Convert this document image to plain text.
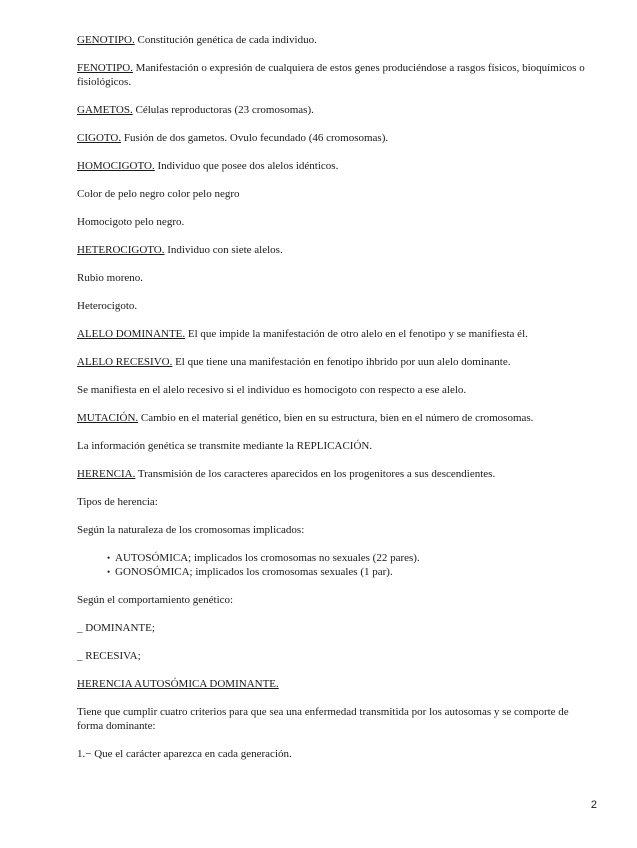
GENOTIPO. Constitución genética de cada individuo.

FENOTIPO. Manifestación o expresión de cualquiera de estos genes produciéndose a rasgos físicos, bioquímicos o fisiológicos.

GAMETOS. Células reproductoras (23 cromosomas).

CIGOTO. Fusión de dos gametos. Ovulo fecundado (46 cromosomas).

HOMOCIGOTO. Individuo que posee dos alelos idénticos.

Color de pelo negro color pelo negro

Homocigoto pelo negro.

HETEROCIGOTO. Individuo con siete alelos.

Rubio moreno.

Heterocigoto.

ALELO DOMINANTE. El que impide la manifestación de otro alelo en el fenotipo y se manifiesta él.

ALELO RECESIVO. El que tiene una manifestación en fenotipo ihbrido por uun alelo dominante.

Se manifiesta en el alelo recesivo si el individuo es homocigoto con respecto a ese alelo.

MUTACIÓN. Cambio en el material genético, bien en su estructura, bien en el número de cromosomas.

La información genética se transmite mediante la REPLICACIÓN.

HERENCIA. Transmisión de los caracteres aparecidos en los progenitores a sus descendientes.

Tipos de herencia:

Según la naturaleza de los cromosomas implicados:

• AUTOSÓMICA; implicados los cromosomas no sexuales (22 pares).
• GONOSÓMICA; implicados los cromosomas sexuales (1 par).

Según el comportamiento genético:

_ DOMINANTE;

_ RECESIVA;

HERENCIA AUTOSÓMICA DOMINANTE.

Tiene que cumplir cuatro criterios para que sea una enfermedad transmitida por los autosomas y se comporte de forma dominante:

1.− Que el carácter aparezca en cada generación.

2
